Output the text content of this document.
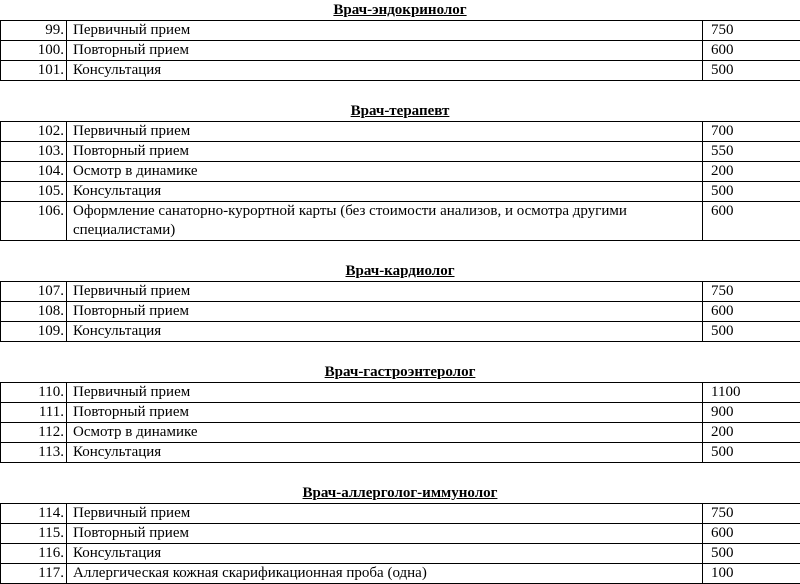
Врач-эндокринолог
99.	Первичный прием	750
100.	Повторный прием	600
101.	Консультация	500
Врач-терапевт
102.	Первичный прием	700
103.	Повторный прием	550
104.	Осмотр в динамике	200
105.	Консультация	500
106.	Оформление санаторно-курортной карты (без стоимости анализов, и осмотра другими специалистами)	600
Врач-кардиолог
107.	Первичный прием	750
108.	Повторный прием	600
109.	Консультация	500
Врач-гастроэнтеролог
110.	Первичный прием	1100
111.	Повторный прием	900
112.	Осмотр в динамике	200
113.	Консультация	500
Врач-аллерголог-иммунолог
114.	Первичный прием	750
115.	Повторный прием	600
116.	Консультация	500
117.	Аллергическая кожная скарификационная проба (одна)	100
